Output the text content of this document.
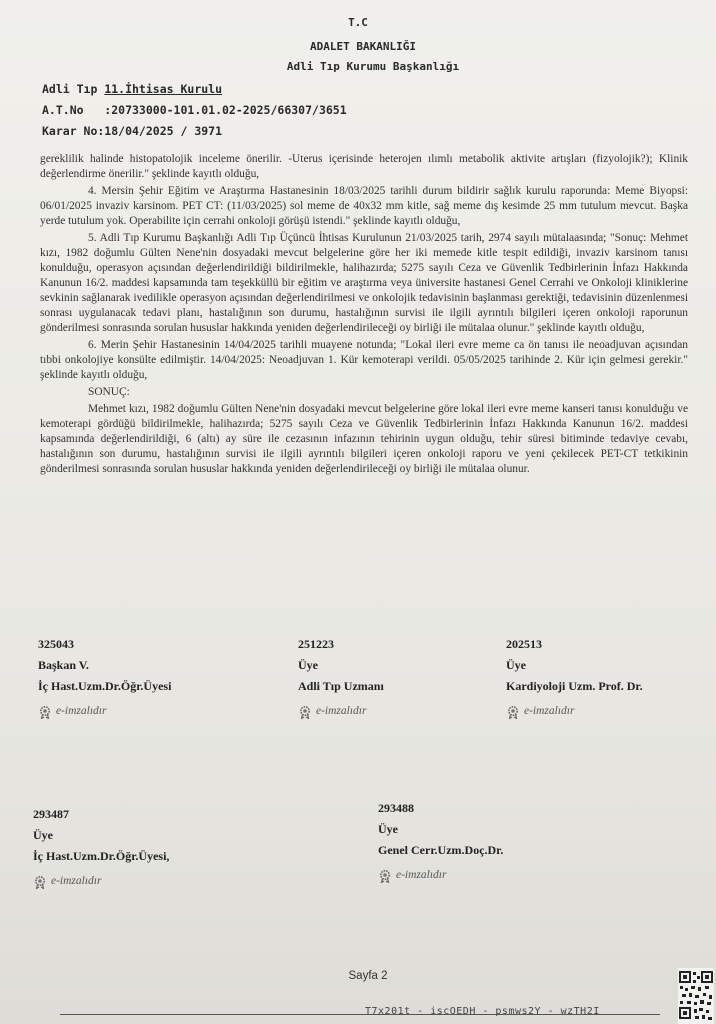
T.C
ADALET BAKANLIĞI
Adli Tıp Kurumu Başkanlığı
Adli Tıp 11.İhtisas Kurulu
A.T.No   :20733000-101.01.02-2025/66307/3651
Karar No:18/04/2025 / 3971

gereklilik halinde histopatolojik inceleme önerilir. -Uterus içerisinde heterojen ılımlı metabolik aktivite artışları (fizyolojik?); Klinik değerlendirme önerilir." şeklinde kayıtlı olduğu,

4. Mersin Şehir Eğitim ve Araştırma Hastanesinin 18/03/2025 tarihli durum bildirir sağlık kurulu raporunda: Meme Biyopsi: 06/01/2025 invaziv karsinom. PET CT: (11/03/2025) sol meme de 40x32 mm kitle, sağ meme dış kesimde 25 mm tutulum mevcut. Başka yerde tutulum yok. Operabilite için cerrahi onkoloji görüşü istendi." şeklinde kayıtlı olduğu,

5. Adli Tıp Kurumu Başkanlığı Adli Tıp Üçüncü İhtisas Kurulunun 21/03/2025 tarih, 2974 sayılı mütalaasında; "Sonuç: Mehmet kızı, 1982 doğumlu Gülten Nene'nin dosyadaki mevcut belgelerine göre her iki memede kitle tespit edildiği, invaziv karsinom tanısı konulduğu, operasyon açısından değerlendirildiği bildirilmekle, halihazırda; 5275 sayılı Ceza ve Güvenlik Tedbirlerinin İnfazı Hakkında Kanunun 16/2. maddesi kapsamında tam teşekküllü bir eğitim ve araştırma veya üniversite hastanesi Genel Cerrahi ve Onkoloji kliniklerine sevkinin sağlanarak ivedilikle operasyon açısından değerlendirilmesi ve onkolojik tedavisinin başlanması gerektiği, tedavisinin düzenlenmesi sonrası uygulanacak tedavi planı, hastalığının son durumu, hastalığının survisi ile ilgili ayrıntılı bilgileri içeren onkoloji raporunun gönderilmesi sonrasında sorulan hususlar hakkında yeniden değerlendirileceği oy birliği ile mütalaa olunur." şeklinde kayıtlı olduğu,

6. Merin Şehir Hastanesinin 14/04/2025 tarihli muayene notunda; "Lokal ileri evre meme ca ön tanısı ile neoadjuvan açısından tıbbi onkolojiye konsülte edilmiştir. 14/04/2025: Neoadjuvan 1. Kür kemoterapi verildi. 05/05/2025 tarihinde 2. Kür için gelmesi gerekir." şeklinde kayıtlı olduğu,

SONUÇ:

Mehmet kızı, 1982 doğumlu Gülten Nene'nin dosyadaki mevcut belgelerine göre lokal ileri evre meme kanseri tanısı konulduğu ve kemoterapi gördüğü bildirilmekle, halihazırda; 5275 sayılı Ceza ve Güvenlik Tedbirlerinin İnfazı Hakkında Kanunun 16/2. maddesi kapsamında değerlendirildiği, 6 (altı) ay süre ile cezasının infazının tehirinin uygun olduğu, tehir süresi bitiminde tedaviye cevabı, hastalığının son durumu, hastalığının survisi ile ilgili ayrıntılı bilgileri içeren onkoloji raporu ve yeni çekilecek PET-CT tetkikinin gönderilmesi sonrasında sorulan hususlar hakkında yeniden değerlendirileceği oy birliği ile mütalaa olunur.

325043
Başkan V.
İç Hast.Uzm.Dr.Öğr.Üyesi
e-imzalıdır
251223
Üye
Adli Tıp Uzmanı
e-imzalıdır
202513
Üye
Kardiyoloji Uzm. Prof. Dr.
e-imzalıdır
293487
Üye
İç Hast.Uzm.Dr.Öğr.Üyesi,
e-imzalıdır
293488
Üye
Genel Cerr.Uzm.Doç.Dr.
e-imzalıdır
Sayfa 2
T7x201t - iscOEDH - psmws2Y - wzTH2I
